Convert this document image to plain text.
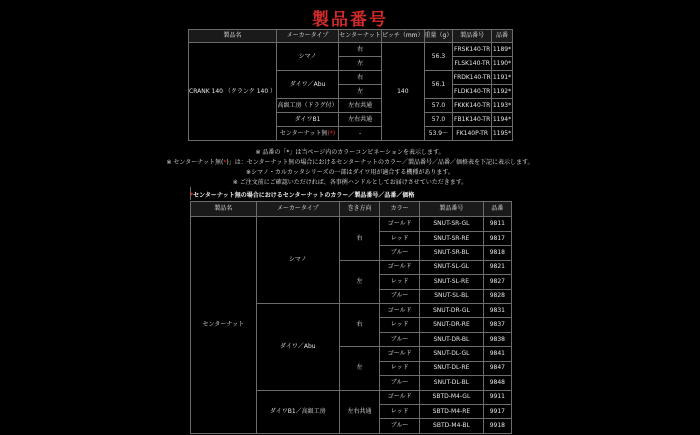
製品番号
製品名	メーカータイプ	センターナット	ピッチ（mm）	重量（g）	製品番号	品番
CRANK 140 （クランク 140 ）	シマノ	右	140	56.3	FRSK140-TR	1189*
		左			FLSK140-TR	1190*
	ダイワ／Abu	右		56.1	FRDK140-TR	1191*
		左			FLDK140-TR	1192*
	高級工房（ドラグ付）	左右共通		57.0	FKKK140-TR	1193*
	ダイワB1	左右共通		57.0	FB1K140-TR	1194*
	センターナット無(*)	-		53.9〜	FK140P-TR	1195*
※ 品番の「*」は当ページ内のカラーコンビネーションを表示します。
※ センターナット無(*)」は：センターナット無の場合におけるセンターナットのカラー／製品番号／品番／価格表を下記に表示します。
※シマノ・カルカッタシリーズの一部はダイワ用が適合する機種があります。
※ ご注文前にご確認いただければ、各事例ハンドルとしてお届けさせていただきます。
*センターナット無の場合におけるセンターナットのカラー／製品番号／品番／価格
製品名	メーカータイプ	巻き方向	カラー	製品番号	品番
センターナット	シマノ	右	ゴールド	SNUT-SR-GL	9811
			レッド	SNUT-SR-RE	9817
			ブルー	SNUT-SR-BL	9818
		左	ゴールド	SNUT-SL-GL	9821
			レッド	SNUT-SL-RE	9827
			ブルー	SNUT-SL-BL	9828
	ダイワ／Abu	右	ゴールド	SNUT-DR-GL	9831
			レッド	SNUT-DR-RE	9837
			ブルー	SNUT-DR-BL	9838
		左	ゴールド	SNUT-DL-GL	9841
			レッド	SNUT-DL-RE	9847
			ブルー	SNUT-DL-BL	9848
	ダイワB1／高級工房	左右共通	ゴールド	SBTD-M4-GL	9911
			レッド	SBTD-M4-RE	9917
			ブルー	SBTD-M4-BL	9918
